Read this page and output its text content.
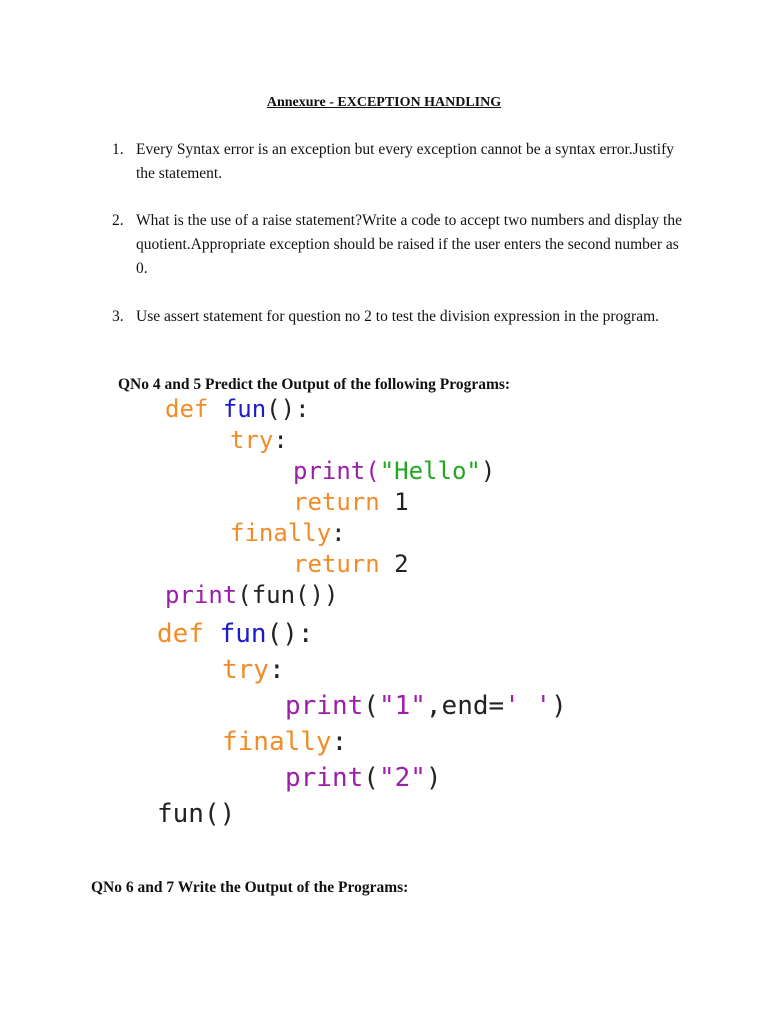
Annexure - EXCEPTION HANDLING
1. Every Syntax error is an exception but every exception cannot be a syntax error.Justify the statement.
2. What is the use of a raise statement?Write a code to accept two numbers and display the quotient.Appropriate exception should be raised if the user enters the second number as 0.
3. Use assert statement for question no 2 to test the division expression in the program.
QNo 4 and 5 Predict the Output of the following Programs:

def fun():

try:

print("Hello")

return 1

finally:

return 2

print(fun())

def fun():

try:

print("1",end=' ')

finally:

print("2")

fun()

QNo 6 and 7 Write the Output of the Programs:
